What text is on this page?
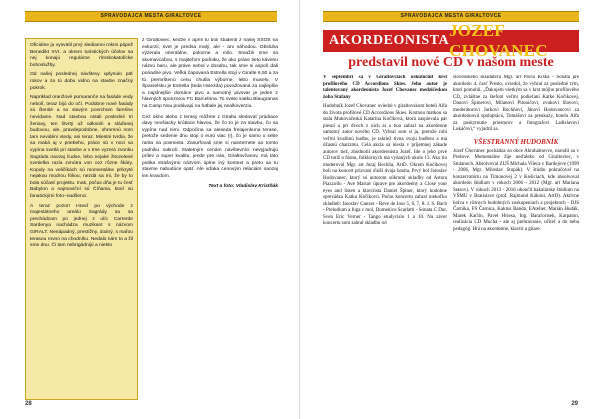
SPRAVODAJCA MESTA GIRALTOVCE

Oficiálne ju vysvätil prvý slediamni rokmi pápež Benedikt XVI. a okrem turistických účelov sa nej konajú regulárne rímskokatolícke bohoslužby.

Od našej poslednej návštevy uplynulo päť rokov a za tú dobu vidno na stavbe značný pokrok.

Napriklad oranžové pomarančе na fasáde vedy nebolí, teraz bijú do očí. Podobne nové fasády sú členité a so stavým povrchom fareбne nevídanie. Nad stavbou ostali posledné tri žeriavy, ten štvrtý už odkonili a sláďanej budovou, ale, pravdepodobne, ohromnú nom tam nevidéni vtedy, ani teraz. Miestni tvrdia, že sa maká aj v priebehu, práce sú v noci sa vypína svetlá pri stavbe a v tme vyzerá zvonku Sagráda naozaj čudne, lebo nejaké žitozelené svetielka razia zvnútra von cez rôzne škáry. Kopuly na veličíkách sú momentálne príkryté nejakou modrou fóliou, nezdá sa mi, že by to bola súčasť projektu. Inak, počas dňa je tu česť Babylon a najmoviční sú Číňania, ktorí sú fanatickými foto–nadšenci.

A teraz pozor! Hneď po východe z majestátneho areálu Sagrády sa sa prechádzam po jednej z ulíc Carrerde Sardenya nachádza muzikant s názvom GIRALT. Nenápadný, prestížny, útulný, s maľou terasou rovno na chodníku. Nedalo nám to a žil sme dnu. Či tam nebrigádnijú a niekto

z Giraltoviec, keďže v apríli tu boli študenti z našej SSOŠ na exkurzii, svet je predsa malý, ale - ani náhodou. Obsluha výzerala orientálne, pokorne a milo. Smažili sme sa skumavcabou, s majiteľom podniku, že ako práve tieto kávenu názvu baru, ale práve nebol v dosahu, tak sme si aspoň dali poriadne pivo. Veľká čapovaná Estrella stojí v Giralte 6,50 a za tú premrštenú cenu chutila výborne, lebo muselo. V Španielsku je Estrella (teda Hviezda) považovaná za najlepšie a najslnejšie domáce pivo a samotný pivovar je jeden z hlavných sponzorov FC Barcelona. To sväto siatku Blaugranas na Camp Nou podávajú na futbale jej nealkoverziu.

Cez okno alebo z terasy môžete z Giraltu sledovať prúdiace davy nevšiacky krútiace hlavou, že čo to je za stavbu, čo sa vypína nad nimi. Odpočina sa aleseda frelajenkuna terase, pretože sedenie dnu stojí o euro viac (!), čo je samo o sebe rarita na posmieta. Zasurfovali sme si nainternete ao tomto podniku sakroli: Staletným cenám návštevníci nevyjadrujú prílev a super kvalitu, jende pre nás, Giraltovčanov, má táto putika strašnýmo názvom úplne iný kontext a preto sa tu stavme nabudúce opäť. Ale vďaka cenovým reláciám naozaj len krasdom.

Text a foto: Vladislav Kristňák

28
SPRAVODAJCA MESTA GIRALTOVCE
AKORDEONISTA
JOZEF CHOVANEC
predstavil nové CD v našom meste

V septembri sa v Giraltovciach uskutočnil krst profilového CD Accordions Skies. Jeho autor je talentovaný akordeonista Jozef Chovanec medzičeskou žoba Stafanу

Hudobník Jozef Chovanec uviedol v giraltovskom hoteli Alfa do života profilové CD Accordions Skies. Krstnou matkou sa stala Mukovačeská Katarína Kočíková, ktorá zaspievala pár piesní a pri dvoch z nich ai a boa zahral na akordeone samotný autor nového CD. Vybral som si ju, pretože robí veľmi kvalitnú hudbu, je taktiež tivna svoju hudbou a má úžasnú charizmu. Celá akcia sa niesla v príjemnej zákade autorov tiež, zhodnotil akordeonista Jozef. Ide o jeho prvé CD totiž o fúsnu, folklórnych má vydaných okolo 13. Ako tiu moderoval Mgr. art Juraj Bochňa, ArtD. Okrem Kočíkovej boli na koncert prizvaní ďalší dvaja hostia. Prvý bol Jaroslav Hodovanec, ktorý sú autorom súkromí skladby od Astora Piazzollu - Ave Mariav úprave pre akordeóny a Close your eyes and listen a klavírista Daniel Špiner, ktorý hudobne sprevádza Katku Kočíkovú. Počas koncertu zahral niekoľko skladieb: Jaroslav Ganzer - Reve de Jour 5, 6, 7, 8. J. S. Bach - Preludium a fuga c mol, Domenico Scarlatti - Sonata C Dur. Sven Eric Verner - Tango etudycislo 1 a 10. Na záver koncertu som zahral skladbu od

slovenského skladateľa Mgr. art Pavla Krška - Sonáta pre akordeón 4. časť Presto, uviedol, že vybral za posledné tým, ktorí pomohli. „Ďakujem všetkým sa v krst môjho profilového CD, zvláštne za štefom veľmi podieľaní Katke Kočíkovej, Danovi Špinerovi, Milanovi Pitoničovi, zvukovi Slavovi, moderátorovi Jurkovi Bochňovi, Jánovi Hodovancovi za akordeónovú spoluprácu, Tomášovi za preukazy, hotelu Alfa za poskytnutie priestorov a fotografovi Ladislavovi Lukáčovi,“ vyjadril sa.

VŠESTRANNÝ HUDOBNÍK

Jozef Chovanec pochádza zo obce Abrahámovce, narodil sa v Prešove. Momentálne žije neďaleko od Giraltoviec, v Stulanoch. Absolvoval ZUŠ Michala Vileca v Bardejove (1999 - 2006, Mgr. Miloslav Stupák). V štúdiu pokračoval na konzervatóriu na Timonovej 2 v Košiciach, kde absolvoval akordeón štúdium v rokoch 2006 - 2012 (Mgr. art Mariana Stasov). V rokoch 2013 - 2016 ukončil bakalárske štúdium na VŠMU v Bratislave (prof. Rajmund Kákoni, ArtD). Aktívne hráva v rôznych hudobných zoskupeniach a projektoch - DJS Čarnika, FS Čarnica, Kaktus Banda, EAtelier, Marián Hudák, Marek Kaťtin, Pavel Hriesa, Ing. Baraľorisek, Karpaton, realizácia CD Mucha - ale aj prehravanie, učiteľ a do neba pedagóg. Hrá na akordeóne, klavíri a gitare.

29
